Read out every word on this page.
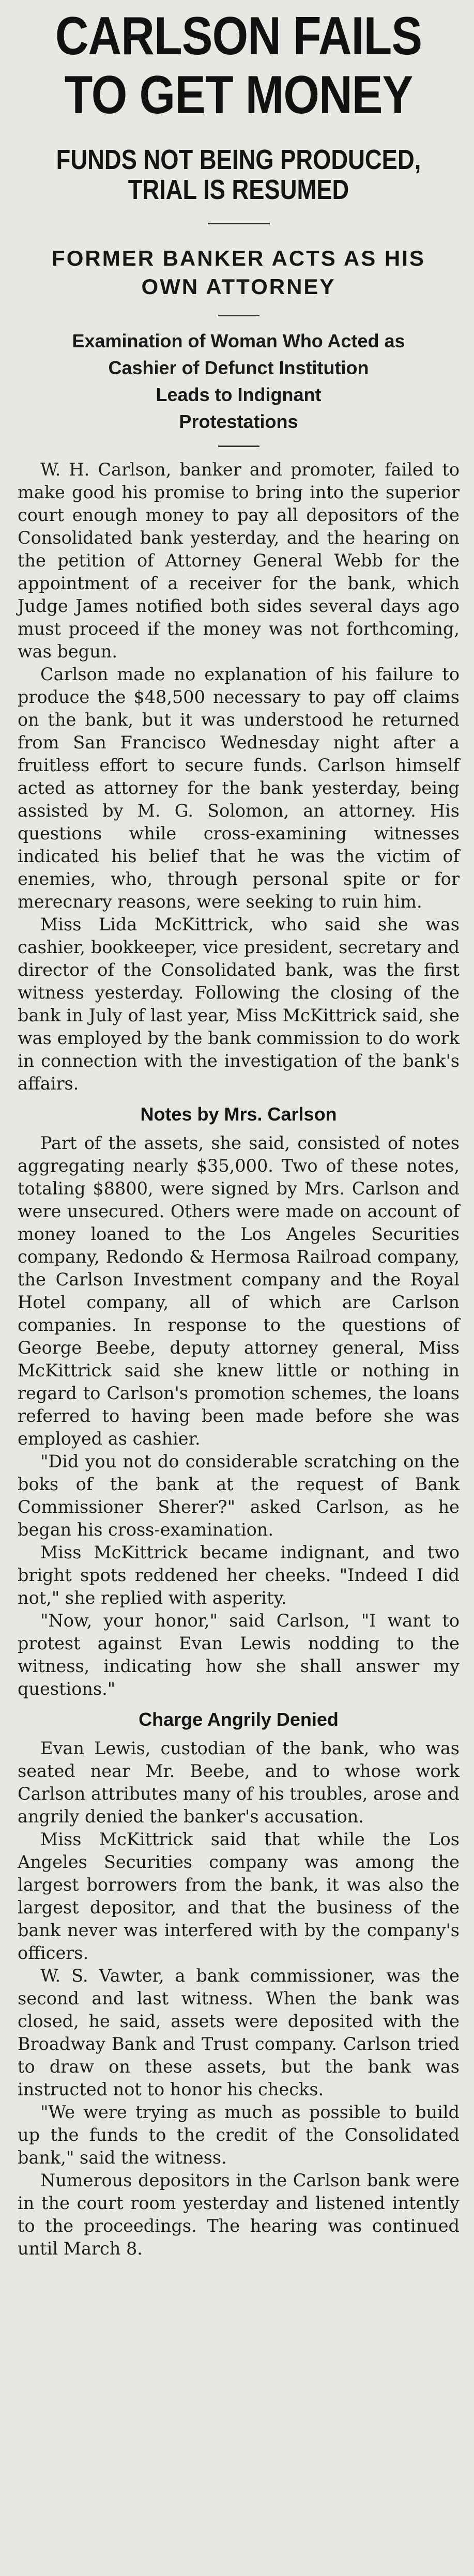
CARLSON FAILS
TO GET MONEY
FUNDS NOT BEING PRODUCED,
TRIAL IS RESUMED
FORMER BANKER ACTS AS HIS
OWN ATTORNEY
Examination of Woman Who Acted as
Cashier of Defunct Institution
Leads to Indignant
Protestations

W. H. Carlson, banker and promoter, failed to make good his promise to bring into the superior court enough money to pay all depositors of the Consolidated bank yesterday, and the hearing on the petition of Attorney General Webb for the appointment of a receiver for the bank, which Judge James notified both sides several days ago must proceed if the money was not forthcoming, was begun.

Carlson made no explanation of his failure to produce the $48,500 necessary to pay off claims on the bank, but it was understood he returned from San Francisco Wednesday night after a fruitless effort to secure funds. Carlson himself acted as attorney for the bank yesterday, being assisted by M. G. Solomon, an attorney. His questions while cross-examining witnesses indicated his belief that he was the victim of enemies, who, through personal spite or for merecnary reasons, were seeking to ruin him.

Miss Lida McKittrick, who said she was cashier, bookkeeper, vice president, secretary and director of the Consolidated bank, was the first witness yesterday. Following the closing of the bank in July of last year, Miss McKittrick said, she was employed by the bank commission to do work in connection with the investigation of the bank's affairs.

Notes by Mrs. Carlson

Part of the assets, she said, consisted of notes aggregating nearly $35,000. Two of these notes, totaling $8800, were signed by Mrs. Carlson and were unsecured. Others were made on account of money loaned to the Los Angeles Securities company, Redondo & Hermosa Railroad company, the Carlson Investment company and the Royal Hotel company, all of which are Carlson companies. In response to the questions of George Beebe, deputy attorney general, Miss McKittrick said she knew little or nothing in regard to Carlson's promotion schemes, the loans referred to having been made before she was employed as cashier.

"Did you not do considerable scratching on the boks of the bank at the request of Bank Commissioner Sherer?" asked Carlson, as he began his cross-examination.

Miss McKittrick became indignant, and two bright spots reddened her cheeks. "Indeed I did not," she replied with asperity.

"Now, your honor," said Carlson, "I want to protest against Evan Lewis nodding to the witness, indicating how she shall answer my questions."

Charge Angrily Denied

Evan Lewis, custodian of the bank, who was seated near Mr. Beebe, and to whose work Carlson attributes many of his troubles, arose and angrily denied the banker's accusation.

Miss McKittrick said that while the Los Angeles Securities company was among the largest borrowers from the bank, it was also the largest depositor, and that the business of the bank never was interfered with by the company's officers.

W. S. Vawter, a bank commissioner, was the second and last witness. When the bank was closed, he said, assets were deposited with the Broadway Bank and Trust company. Carlson tried to draw on these assets, but the bank was instructed not to honor his checks.

"We were trying as much as possible to build up the funds to the credit of the Consolidated bank," said the witness.

Numerous depositors in the Carlson bank were in the court room yesterday and listened intently to the proceedings. The hearing was continued until March 8.
